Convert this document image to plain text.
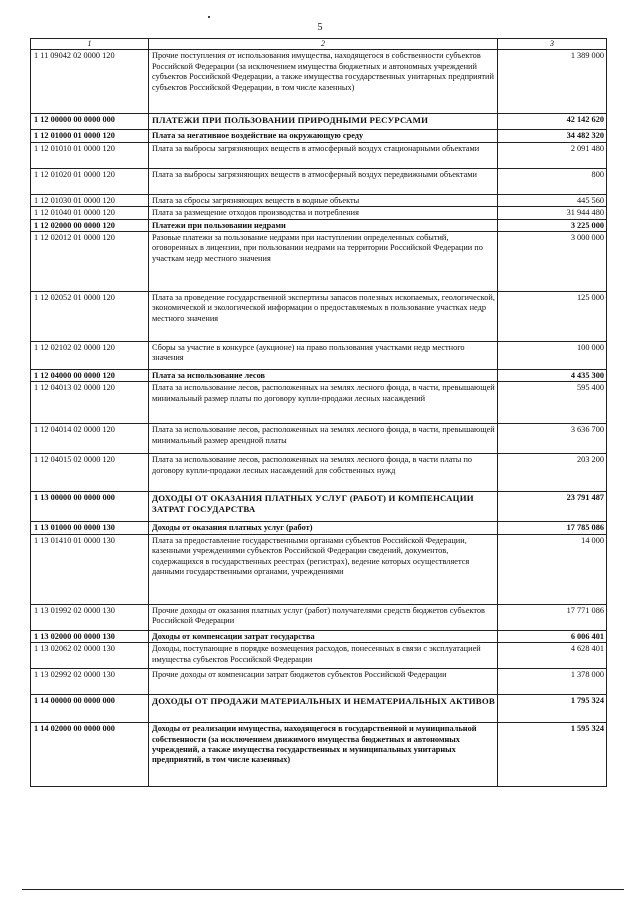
5
1	2	3
1 11 09042 02 0000 120	Прочие поступления от использования имущества, находящегося в собственности субъектов Российской Федерации (за исключением имущества бюджетных и автономных учреждений субъектов Российской Федерации, а также имущества государственных унитарных предприятий субъектов Российской Федерации, в том числе казенных)	1 389 000
1 12 00000 00 0000 000	ПЛАТЕЖИ ПРИ ПОЛЬЗОВАНИИ ПРИРОДНЫМИ РЕСУРСАМИ	42 142 620
1 12 01000 01 0000 120	Плата за негативное воздействие на окружающую среду	34 482 320
1 12 01010 01 0000 120	Плата за выбросы загрязняющих веществ в атмосферный воздух стационарными объектами	2 091 480
1 12 01020 01 0000 120	Плата за выбросы загрязняющих веществ в атмосферный воздух передвижными объектами	800
1 12 01030 01 0000 120	Плата за сбросы загрязняющих веществ в водные объекты	445 560
1 12 01040 01 0000 120	Плата за размещение отходов производства и потребления	31 944 480
1 12 02000 00 0000 120	Платежи при пользовании недрами	3 225 000
1 12 02012 01 0000 120	Разовые платежи за пользование недрами при наступлении определенных событий, оговоренных в лицензии, при пользовании недрами на территории Российской Федерации по участкам недр местного значения	3 000 000
1 12 02052 01 0000 120	Плата за проведение государственной экспертизы запасов полезных ископаемых, геологической, экономической и экологической информации о предоставляемых в пользование участках недр местного значения	125 000
1 12 02102 02 0000 120	Сборы за участие в конкурсе (аукционе) на право пользования участками недр местного значения	100 000
1 12 04000 00 0000 120	Плата за использование лесов	4 435 300
1 12 04013 02 0000 120	Плата за использование лесов, расположенных на землях лесного фонда, в части, превышающей минимальный размер платы по договору купли-продажи лесных насаждений	595 400
1 12 04014 02 0000 120	Плата за использование лесов, расположенных на землях лесного фонда, в части, превышающей минимальный размер арендной платы	3 636 700
1 12 04015 02 0000 120	Плата за использование лесов, расположенных на землях лесного фонда, в части платы по договору купли-продажи лесных насаждений для собственных нужд	203 200
1 13 00000 00 0000 000	ДОХОДЫ ОТ ОКАЗАНИЯ ПЛАТНЫХ УСЛУГ (РАБОТ) И КОМПЕНСАЦИИ ЗАТРАТ ГОСУДАРСТВА	23 791 487
1 13 01000 00 0000 130	Доходы от оказания платных услуг (работ)	17 785 086
1 13 01410 01 0000 130	Плата за предоставление государственными органами субъектов Российской Федерации, казенными учреждениями субъектов Российской Федерации сведений, документов, содержащихся в государственных реестрах (регистрах), ведение которых осуществляется данными государственными органами, учреждениями	14 000
1 13 01992 02 0000 130	Прочие доходы от оказания платных услуг (работ) получателями средств бюджетов субъектов Российской Федерации	17 771 086
1 13 02000 00 0000 130	Доходы от компенсации затрат государства	6 006 401
1 13 02062 02 0000 130	Доходы, поступающие в порядке возмещения расходов, понесенных в связи с эксплуатацией имущества субъектов Российской Федерации	4 628 401
1 13 02992 02 0000 130	Прочие доходы от компенсации затрат бюджетов субъектов Российской Федерации	1 378 000
1 14 00000 00 0000 000	ДОХОДЫ ОТ ПРОДАЖИ МАТЕРИАЛЬНЫХ И НЕМАТЕРИАЛЬНЫХ АКТИВОВ	1 795 324
1 14 02000 00 0000 000	Доходы от реализации имущества, находящегося в государственной и муниципальной собственности (за исключением движимого имущества бюджетных и автономных учреждений, а также имущества государственных и муниципальных унитарных предприятий, в том числе казенных)	1 595 324
